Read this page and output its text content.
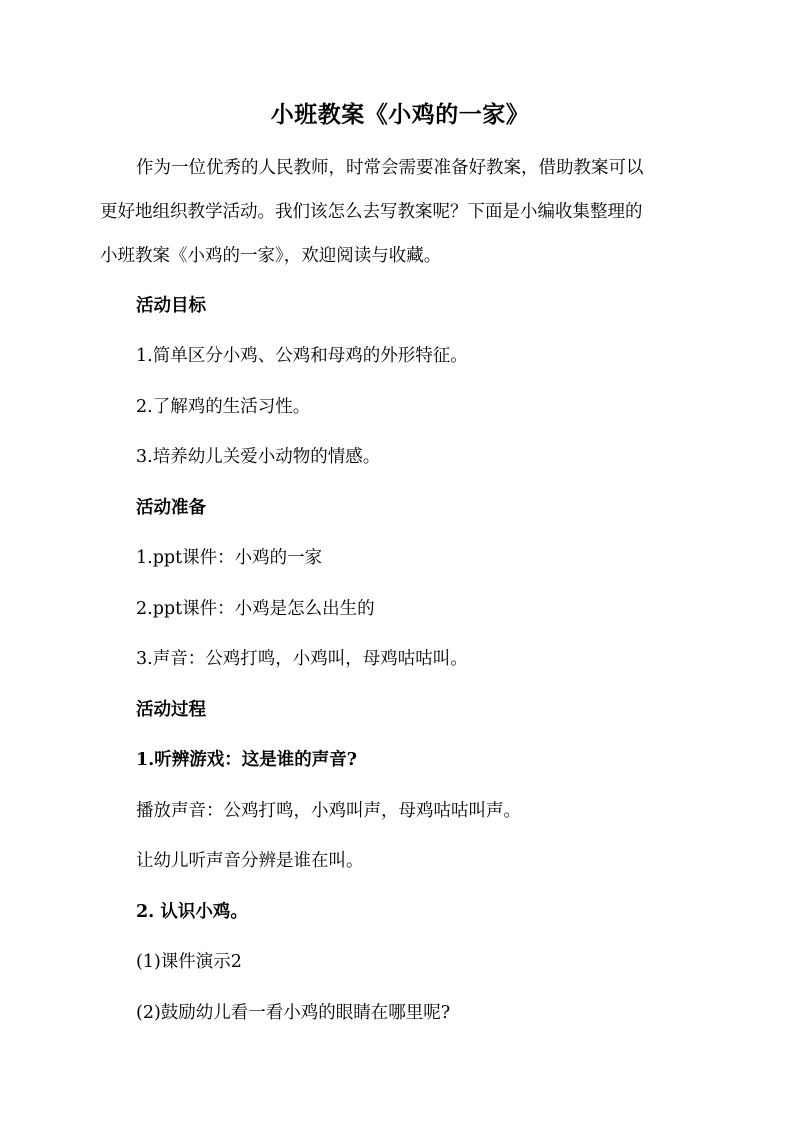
小班教案《小鸡的一家》
作为一位优秀的人民教师，时常会需要准备好教案，借助教案可以
更好地组织教学活动。我们该怎么去写教案呢？下面是小编收集整理的
小班教案《小鸡的一家》，欢迎阅读与收藏。
活动目标
1.简单区分小鸡、公鸡和母鸡的外形特征。
2.了解鸡的生活习性。
3.培养幼儿关爱小动物的情感。
活动准备
1.ppt课件：小鸡的一家
2.ppt课件：小鸡是怎么出生的
3.声音：公鸡打鸣，小鸡叫，母鸡咕咕叫。
活动过程
1.听辨游戏：这是谁的声音?
播放声音：公鸡打鸣，小鸡叫声，母鸡咕咕叫声。
让幼儿听声音分辨是谁在叫。
2. 认识小鸡。
(1)课件演示2
(2)鼓励幼儿看一看小鸡的眼睛在哪里呢?
